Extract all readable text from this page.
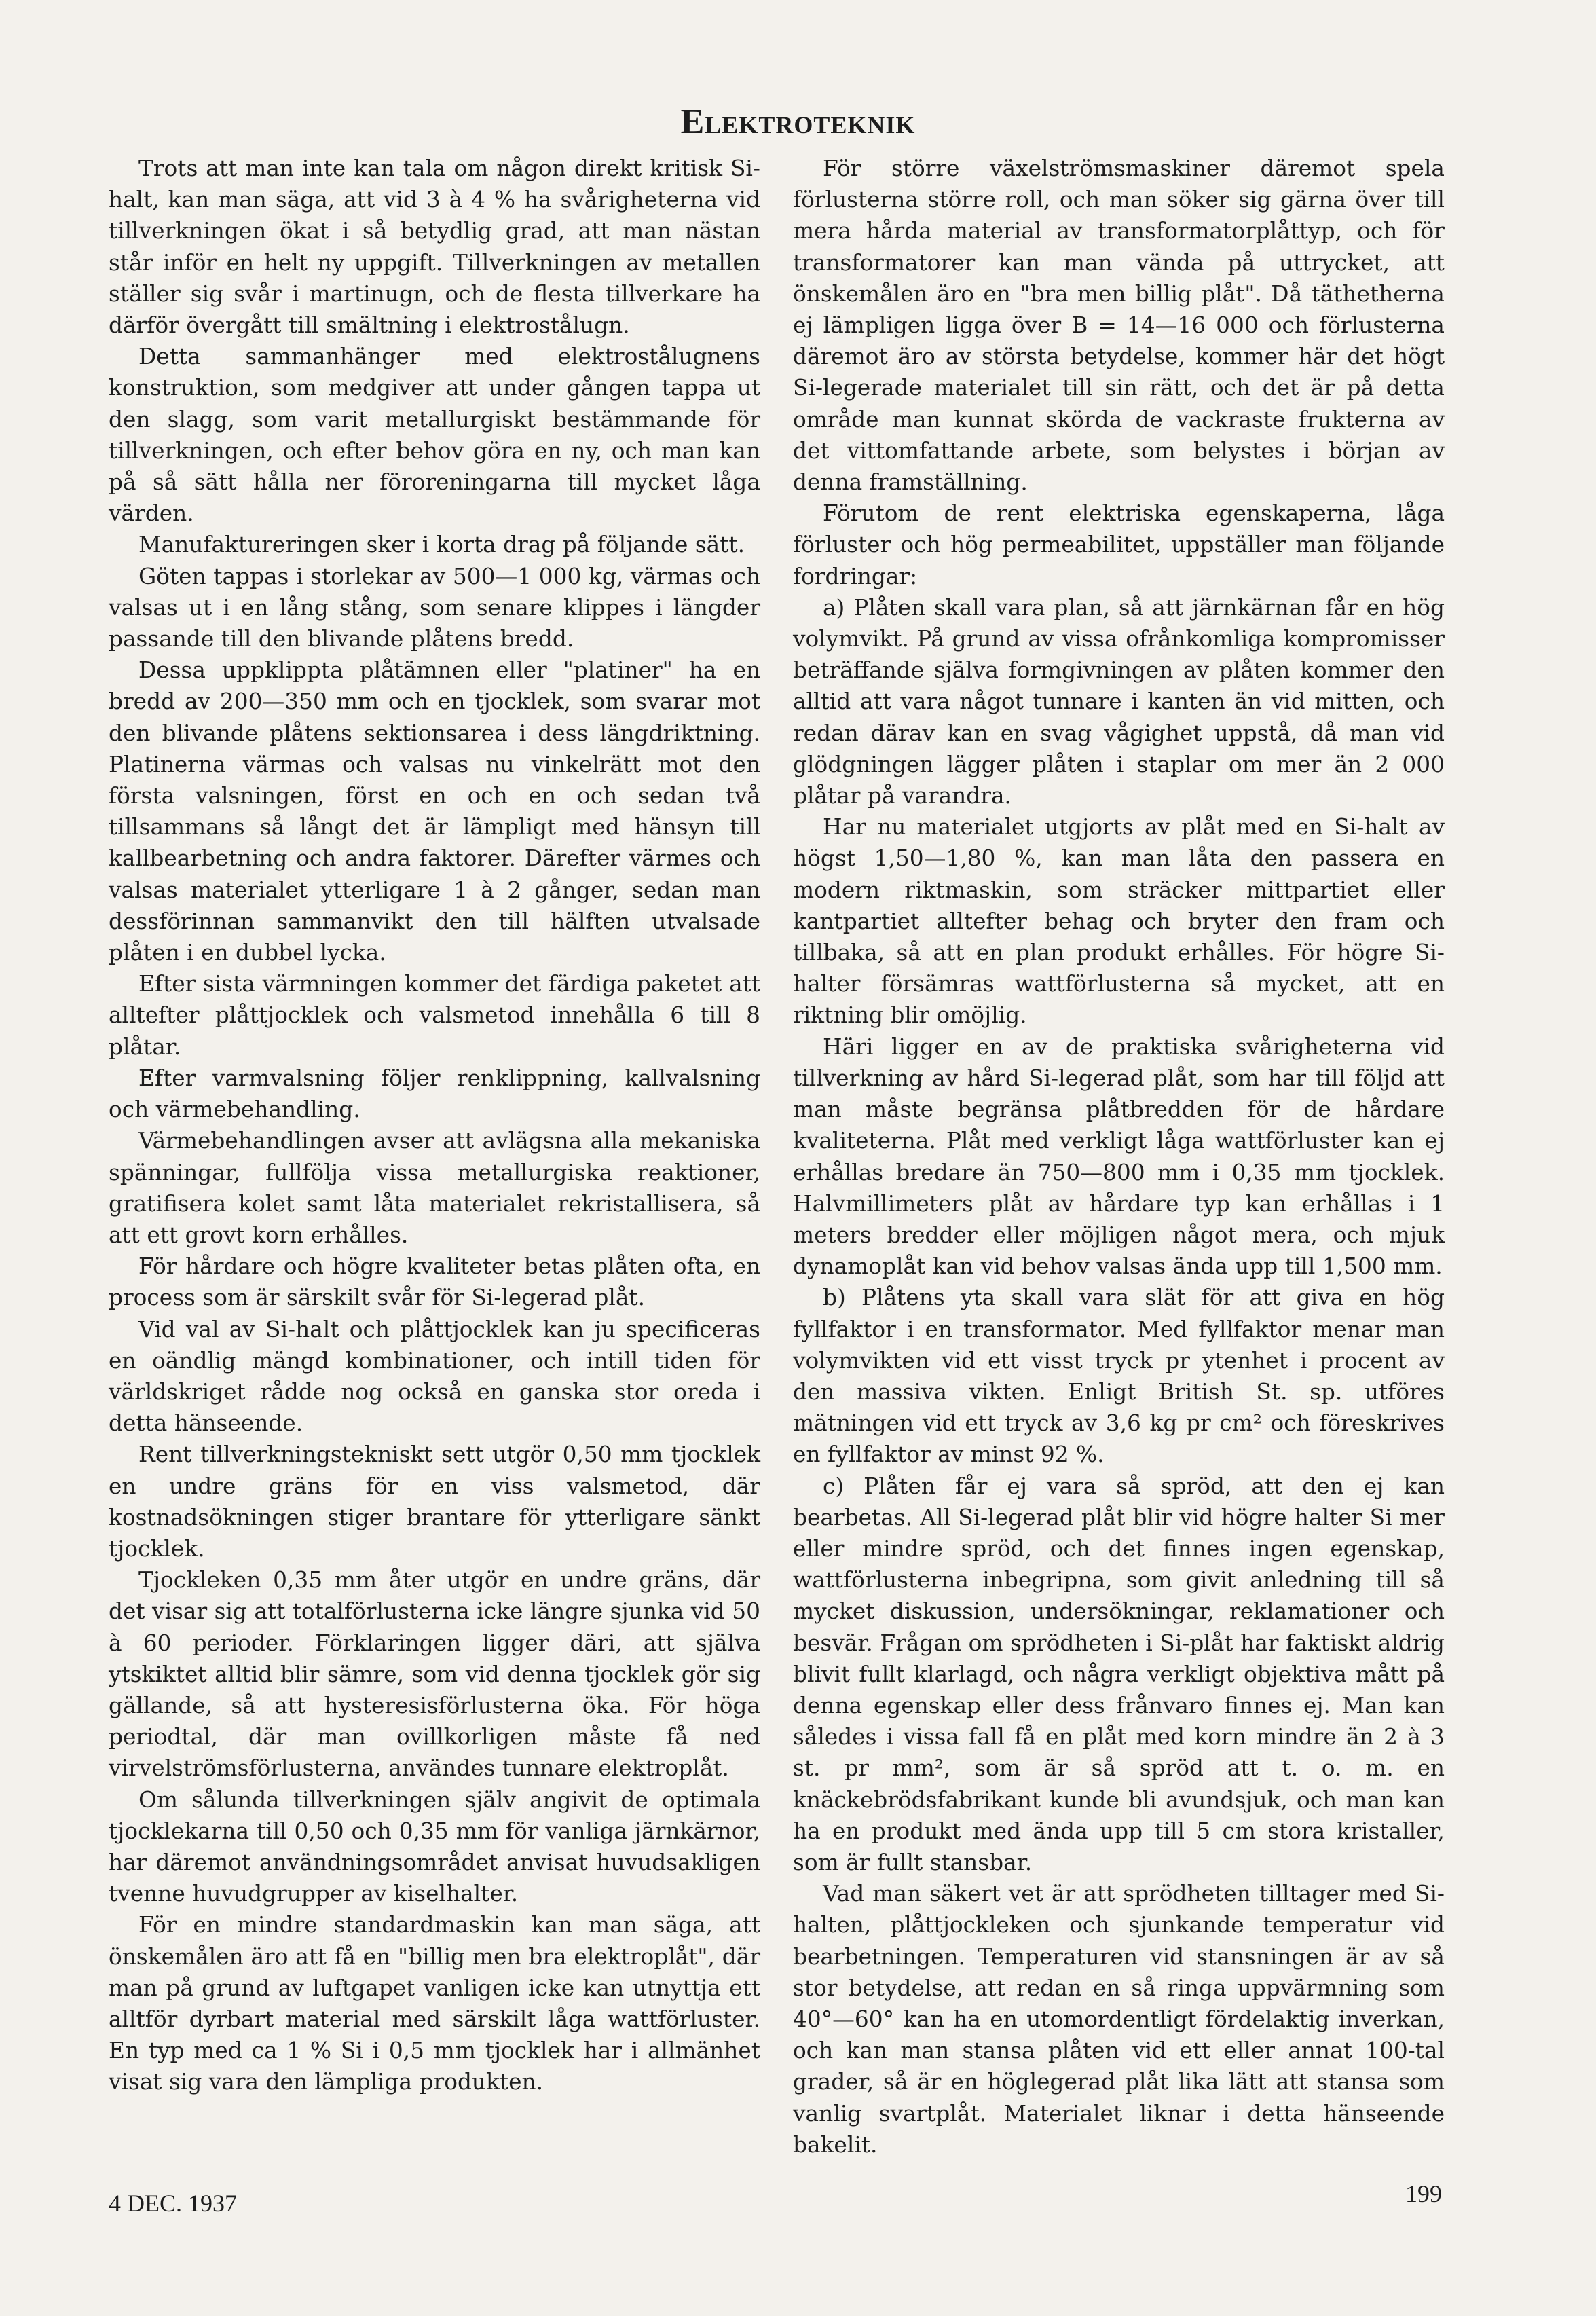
Elektroteknik

Trots att man inte kan tala om någon direkt kritisk Si-halt, kan man säga, att vid 3 à 4 % ha svårigheterna vid tillverkningen ökat i så betydlig grad, att man nästan står inför en helt ny uppgift. Tillverkningen av metallen ställer sig svår i martinugn, och de flesta tillverkare ha därför övergått till smältning i elektrostålugn.

Detta sammanhänger med elektrostålugnens konstruktion, som medgiver att under gången tappa ut den slagg, som varit metallurgiskt bestämmande för tillverkningen, och efter behov göra en ny, och man kan på så sätt hålla ner föroreningarna till mycket låga värden.

Manufaktureringen sker i korta drag på följande sätt.

Göten tappas i storlekar av 500—1 000 kg, värmas och valsas ut i en lång stång, som senare klippes i längder passande till den blivande plåtens bredd.

Dessa uppklippta plåtämnen eller "platiner" ha en bredd av 200—350 mm och en tjocklek, som svarar mot den blivande plåtens sektionsarea i dess längdriktning. Platinerna värmas och valsas nu vinkelrätt mot den första valsningen, först en och en och sedan två tillsammans så långt det är lämpligt med hänsyn till kallbearbetning och andra faktorer. Därefter värmes och valsas materialet ytterligare 1 à 2 gånger, sedan man dessförinnan sammanvikt den till hälften utvalsade plåten i en dubbel lycka.

Efter sista värmningen kommer det färdiga paketet att alltefter plåttjocklek och valsmetod innehålla 6 till 8 plåtar.

Efter varmvalsning följer renklippning, kallvalsning och värmebehandling.

Värmebehandlingen avser att avlägsna alla mekaniska spänningar, fullfölja vissa metallurgiska reaktioner, gratifisera kolet samt låta materialet rekristallisera, så att ett grovt korn erhålles.

För hårdare och högre kvaliteter betas plåten ofta, en process som är särskilt svår för Si-legerad plåt.

Vid val av Si-halt och plåttjocklek kan ju specificeras en oändlig mängd kombinationer, och intill tiden för världskriget rådde nog också en ganska stor oreda i detta hänseende.

Rent tillverkningstekniskt sett utgör 0,50 mm tjocklek en undre gräns för en viss valsmetod, där kostnadsökningen stiger brantare för ytterligare sänkt tjocklek.

Tjockleken 0,35 mm åter utgör en undre gräns, där det visar sig att totalförlusterna icke längre sjunka vid 50 à 60 perioder. Förklaringen ligger däri, att själva ytskiktet alltid blir sämre, som vid denna tjocklek gör sig gällande, så att hysteresisförlusterna öka. För höga periodtal, där man ovillkorligen måste få ned virvelströmsförlusterna, användes tunnare elektroplåt.

Om sålunda tillverkningen själv angivit de optimala tjocklekarna till 0,50 och 0,35 mm för vanliga järnkärnor, har däremot användningsområdet anvisat huvudsakligen tvenne huvudgrupper av kiselhalter.

För en mindre standardmaskin kan man säga, att önskemålen äro att få en "billig men bra elektroplåt", där man på grund av luftgapet vanligen icke kan utnyttja ett alltför dyrbart material med särskilt låga wattförluster. En typ med ca 1 % Si i 0,5 mm tjocklek har i allmänhet visat sig vara den lämpliga produkten.

För större växelströmsmaskiner däremot spela förlusterna större roll, och man söker sig gärna över till mera hårda material av transformatorplåttyp, och för transformatorer kan man vända på uttrycket, att önskemålen äro en "bra men billig plåt". Då täthetherna ej lämpligen ligga över B = 14—16 000 och förlusterna däremot äro av största betydelse, kommer här det högt Si-legerade materialet till sin rätt, och det är på detta område man kunnat skörda de vackraste frukterna av det vittomfattande arbete, som belystes i början av denna framställning.

Förutom de rent elektriska egenskaperna, låga förluster och hög permeabilitet, uppställer man följande fordringar:

a) Plåten skall vara plan, så att järnkärnan får en hög volymvikt. På grund av vissa ofrånkomliga kompromisser beträffande själva formgivningen av plåten kommer den alltid att vara något tunnare i kanten än vid mitten, och redan därav kan en svag vågighet uppstå, då man vid glödgningen lägger plåten i staplar om mer än 2 000 plåtar på varandra.

Har nu materialet utgjorts av plåt med en Si-halt av högst 1,50—1,80 %, kan man låta den passera en modern riktmaskin, som sträcker mittpartiet eller kantpartiet alltefter behag och bryter den fram och tillbaka, så att en plan produkt erhålles. För högre Si-halter försämras wattförlusterna så mycket, att en riktning blir omöjlig.

Häri ligger en av de praktiska svårigheterna vid tillverkning av hård Si-legerad plåt, som har till följd att man måste begränsa plåtbredden för de hårdare kvaliteterna. Plåt med verkligt låga wattförluster kan ej erhållas bredare än 750—800 mm i 0,35 mm tjocklek. Halvmillimeters plåt av hårdare typ kan erhållas i 1 meters bredder eller möjligen något mera, och mjuk dynamoplåt kan vid behov valsas ända upp till 1,500 mm.

b) Plåtens yta skall vara slät för att giva en hög fyllfaktor i en transformator. Med fyllfaktor menar man volymvikten vid ett visst tryck pr ytenhet i procent av den massiva vikten. Enligt British St. sp. utföres mätningen vid ett tryck av 3,6 kg pr cm² och föreskrives en fyllfaktor av minst 92 %.

c) Plåten får ej vara så spröd, att den ej kan bearbetas. All Si-legerad plåt blir vid högre halter Si mer eller mindre spröd, och det finnes ingen egenskap, wattförlusterna inbegripna, som givit anledning till så mycket diskussion, undersökningar, reklamationer och besvär. Frågan om sprödheten i Si-plåt har faktiskt aldrig blivit fullt klarlagd, och några verkligt objektiva mått på denna egenskap eller dess frånvaro finnes ej. Man kan således i vissa fall få en plåt med korn mindre än 2 à 3 st. pr mm², som är så spröd att t. o. m. en knäckebrödsfabrikant kunde bli avundsjuk, och man kan ha en produkt med ända upp till 5 cm stora kristaller, som är fullt stansbar.

Vad man säkert vet är att sprödheten tilltager med Si-halten, plåttjockleken och sjunkande temperatur vid bearbetningen. Temperaturen vid stansningen är av så stor betydelse, att redan en så ringa uppvärmning som 40°—60° kan ha en utomordentligt fördelaktig inverkan, och kan man stansa plåten vid ett eller annat 100-tal grader, så är en höglegerad plåt lika lätt att stansa som vanlig svartplåt. Materialet liknar i detta hänseende bakelit.

4 DEC. 1937	199
